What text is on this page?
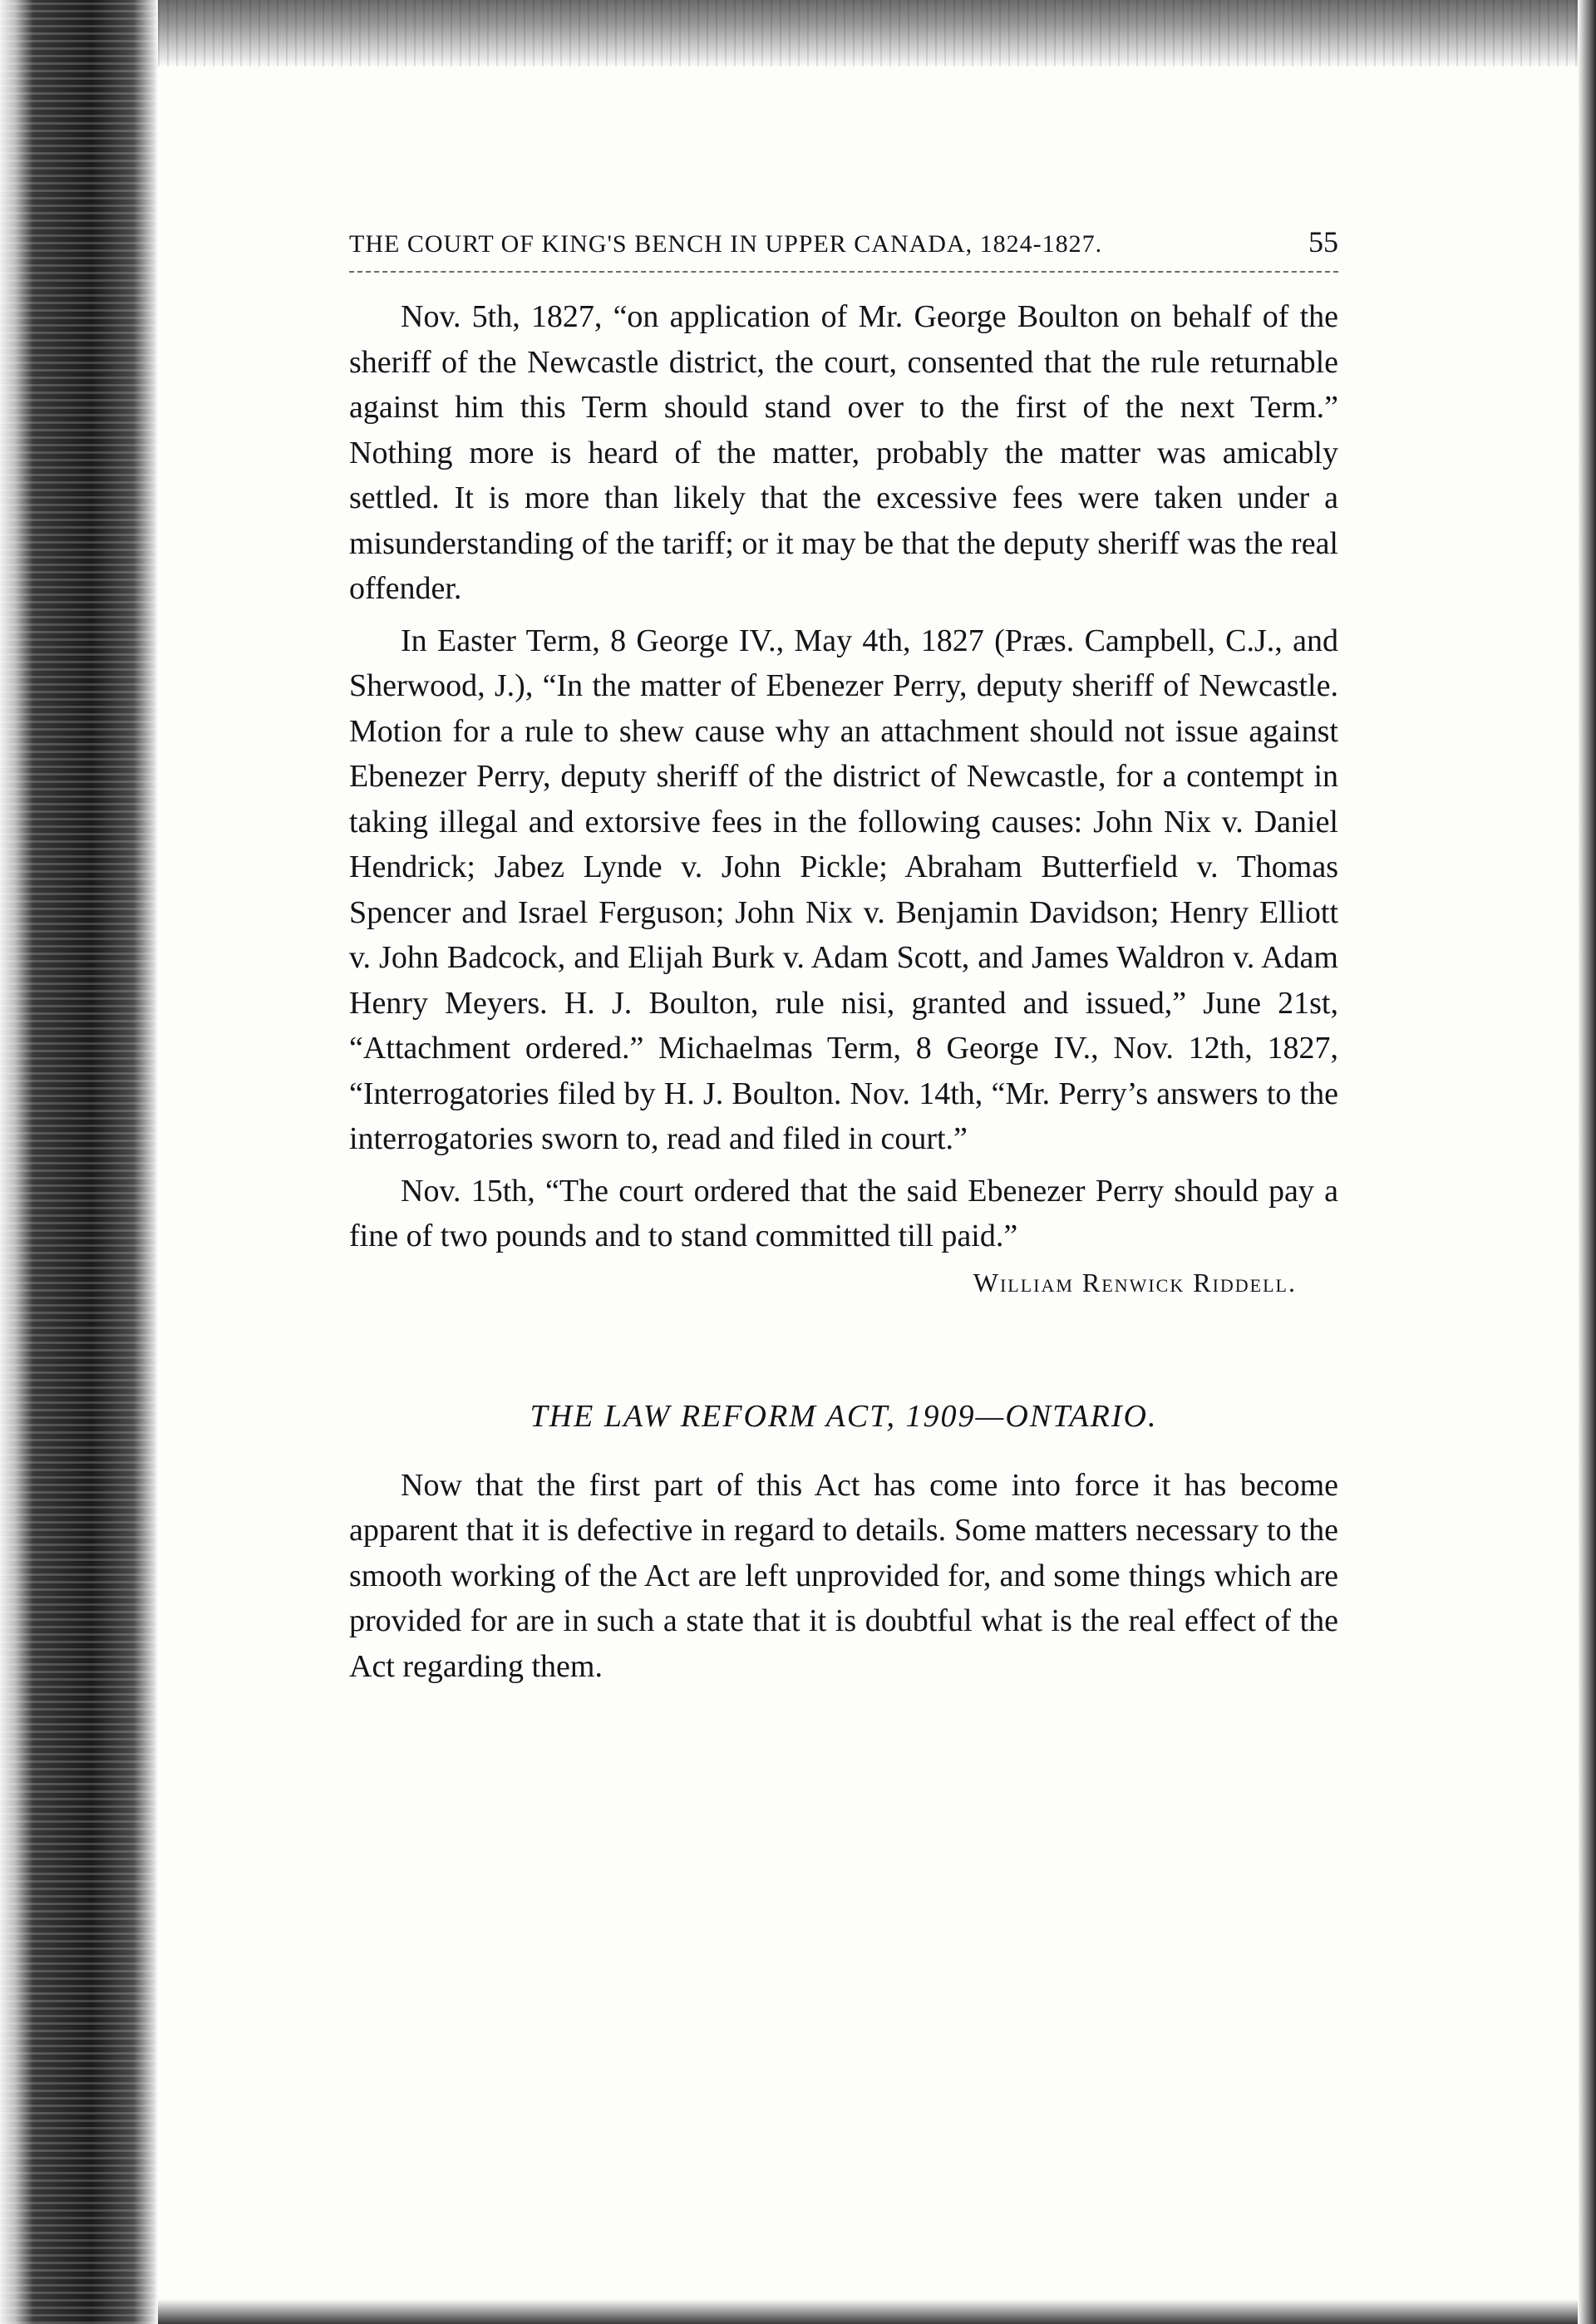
THE COURT OF KING'S BENCH IN UPPER CANADA, 1824-1827.	55

Nov. 5th, 1827, “on application of Mr. George Boulton on behalf of the sheriff of the Newcastle district, the court, consented that the rule returnable against him this Term should stand over to the first of the next Term.” Nothing more is heard of the matter, probably the matter was amicably settled. It is more than likely that the excessive fees were taken under a misunderstanding of the tariff; or it may be that the deputy sheriff was the real offender.

In Easter Term, 8 George IV., May 4th, 1827 (Præs. Campbell, C.J., and Sherwood, J.), “In the matter of Ebenezer Perry, deputy sheriff of Newcastle. Motion for a rule to shew cause why an attachment should not issue against Ebenezer Perry, deputy sheriff of the district of Newcastle, for a contempt in taking illegal and extorsive fees in the following causes: John Nix v. Daniel Hendrick; Jabez Lynde v. John Pickle; Abraham Butterfield v. Thomas Spencer and Israel Ferguson; John Nix v. Benjamin Davidson; Henry Elliott v. John Badcock, and Elijah Burk v. Adam Scott, and James Waldron v. Adam Henry Meyers. H. J. Boulton, rule nisi, granted and issued,” June 21st, “Attachment ordered.” Michaelmas Term, 8 George IV., Nov. 12th, 1827, “Interrogatories filed by H. J. Boulton. Nov. 14th, “Mr. Perry’s answers to the interrogatories sworn to, read and filed in court.”

Nov. 15th, “The court ordered that the said Ebenezer Perry should pay a fine of two pounds and to stand committed till paid.”

William Renwick Riddell.
THE LAW REFORM ACT, 1909—ONTARIO.

Now that the first part of this Act has come into force it has become apparent that it is defective in regard to details. Some matters necessary to the smooth working of the Act are left unprovided for, and some things which are provided for are in such a state that it is doubtful what is the real effect of the Act regarding them.
